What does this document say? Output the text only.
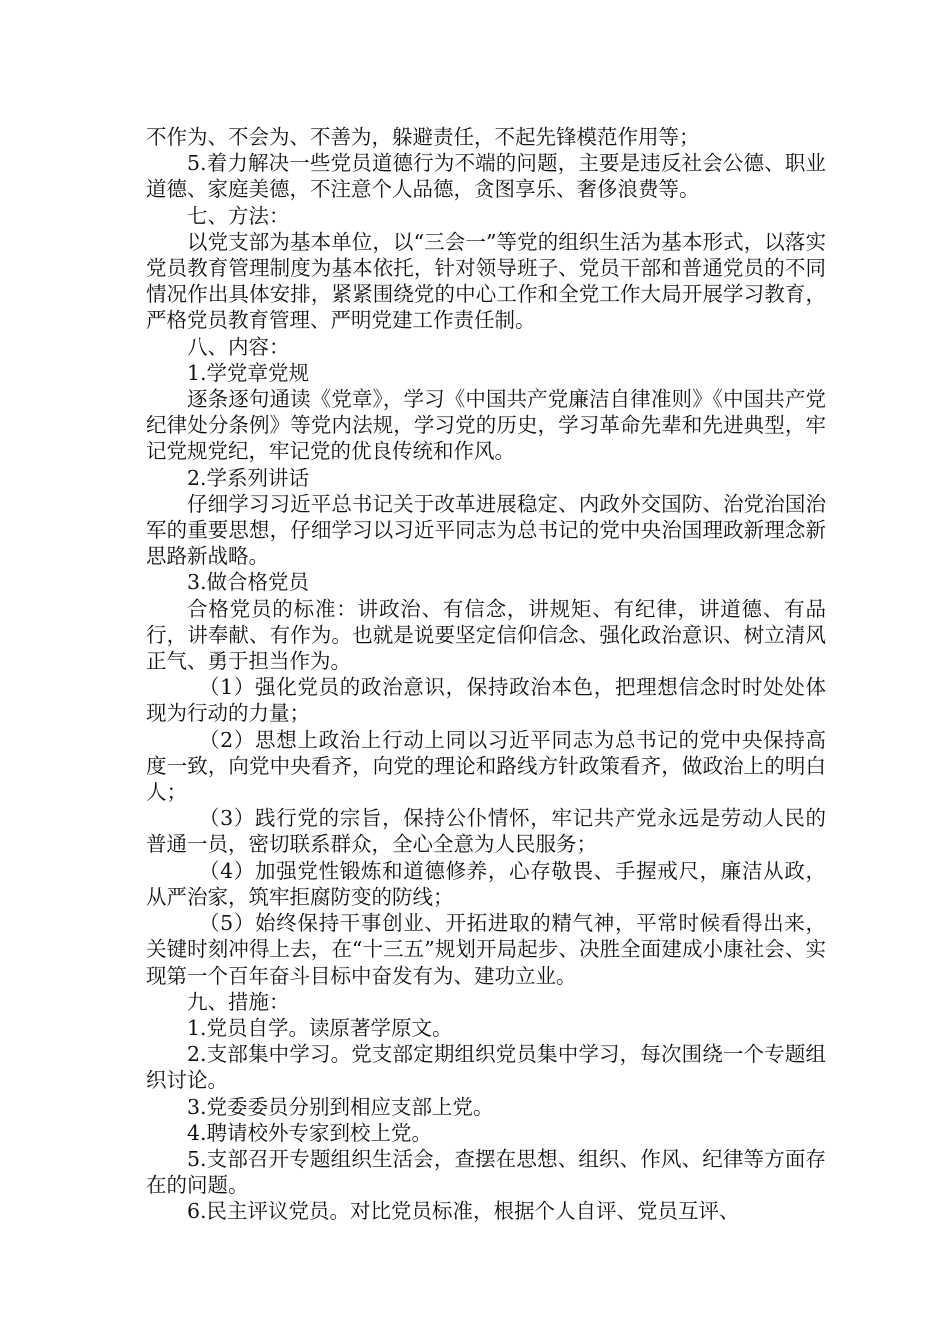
不作为、不会为、不善为，躲避责任，不起先锋模范作用等；

5.着力解决一些党员道德行为不端的问题，主要是违反社会公德、职业道德、家庭美德，不注意个人品德，贪图享乐、奢侈浪费等。

七、方法：

以党支部为基本单位，以“三会一”等党的组织生活为基本形式，以落实党员教育管理制度为基本依托，针对领导班子、党员干部和普通党员的不同情况作出具体安排，紧紧围绕党的中心工作和全党工作大局开展学习教育，严格党员教育管理、严明党建工作责任制。

八、内容：

1.学党章党规

逐条逐句通读《党章》，学习《中国共产党廉洁自律准则》《中国共产党纪律处分条例》等党内法规，学习党的历史，学习革命先辈和先进典型，牢记党规党纪，牢记党的优良传统和作风。

2.学系列讲话

仔细学习习近平总书记关于改革进展稳定、内政外交国防、治党治国治军的重要思想，仔细学习以习近平同志为总书记的党中央治国理政新理念新思路新战略。

3.做合格党员

合格党员的标准：讲政治、有信念，讲规矩、有纪律，讲道德、有品行，讲奉献、有作为。也就是说要坚定信仰信念、强化政治意识、树立清风正气、勇于担当作为。

（1）强化党员的政治意识，保持政治本色，把理想信念时时处处体现为行动的力量；

（2）思想上政治上行动上同以习近平同志为总书记的党中央保持高度一致，向党中央看齐，向党的理论和路线方针政策看齐，做政治上的明白人；

（3）践行党的宗旨，保持公仆情怀，牢记共产党永远是劳动人民的普通一员，密切联系群众，全心全意为人民服务；

（4）加强党性锻炼和道德修养，心存敬畏、手握戒尺，廉洁从政，从严治家，筑牢拒腐防变的防线；

（5）始终保持干事创业、开拓进取的精气神，平常时候看得出来，关键时刻冲得上去，在“十三五”规划开局起步、决胜全面建成小康社会、实现第一个百年奋斗目标中奋发有为、建功立业。

九、措施：

1.党员自学。读原著学原文。

2.支部集中学习。党支部定期组织党员集中学习，每次围绕一个专题组织讨论。

3.党委委员分别到相应支部上党。

4.聘请校外专家到校上党。

5.支部召开专题组织生活会，查摆在思想、组织、作风、纪律等方面存在的问题。

6.民主评议党员。对比党员标准，根据个人自评、党员互评、
